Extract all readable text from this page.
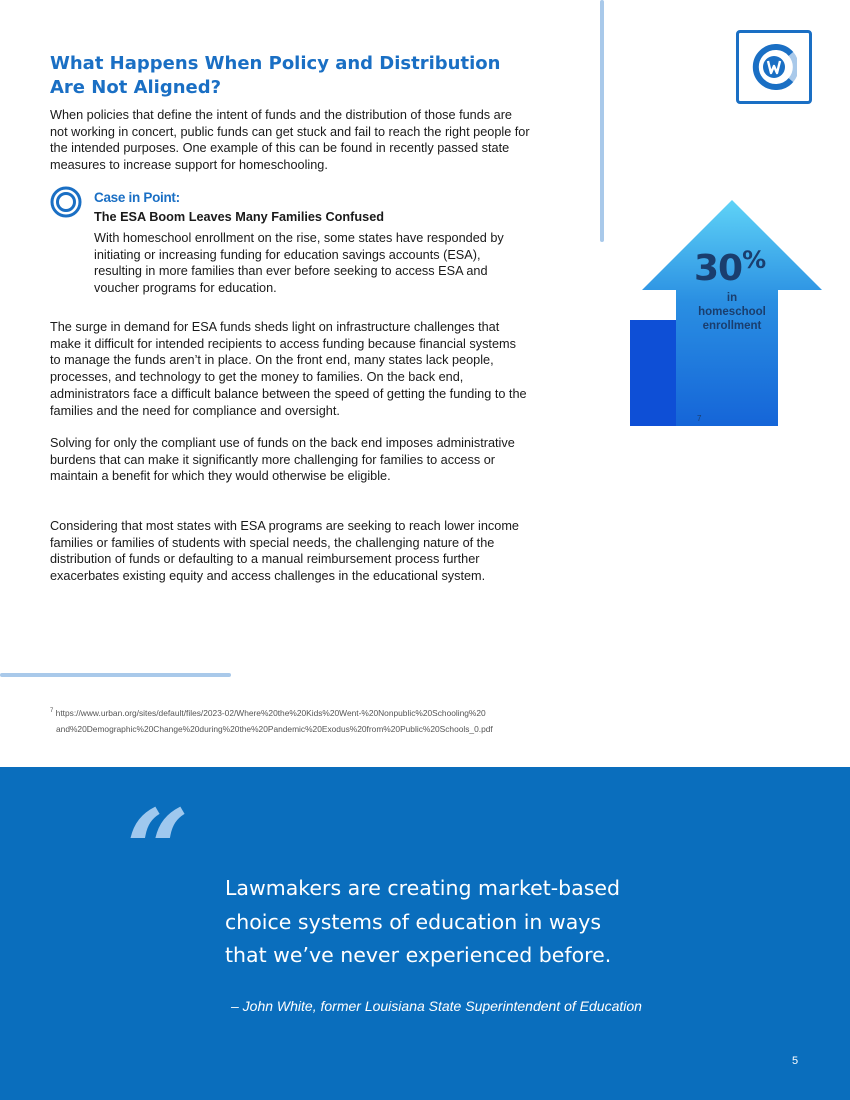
What Happens When Policy and Distribution Are Not Aligned?

When policies that define the intent of funds and the distribution of those funds are not working in concert, public funds can get stuck and fail to reach the right people for the intended purposes. One example of this can be found in recently passed state measures to increase support for homeschooling.

Case in Point:
The ESA Boom Leaves Many Families Confused

With homeschool enrollment on the rise, some states have responded by initiating or increasing funding for education savings accounts (ESA), resulting in more families than ever before seeking to access ESA and voucher programs for education.

The surge in demand for ESA funds sheds light on infrastructure challenges that make it difficult for intended recipients to access funding because financial systems to manage the funds aren’t in place. On the front end, many states lack people, processes, and technology to get the money to families. On the back end, administrators face a difficult balance between the speed of getting the funding to the families and the need for compliance and oversight.

Solving for only the compliant use of funds on the back end imposes administrative burdens that can make it significantly more challenging for families to access or maintain a benefit for which they would otherwise be eligible.

Considering that most states with ESA programs are seeking to reach lower income families or families of students with special needs, the challenging nature of the distribution of funds or defaulting to a manual reimbursement process further exacerbates existing equity and access challenges in the educational system.

30%
in homeschool enrollment
7
$^7$ https://www.urban.org/sites/default/files/2023-02/Where%20the%20Kids%20Went-%20Nonpublic%20Schooling%20
and%20Demographic%20Change%20during%20the%20Pandemic%20Exodus%20from%20Public%20Schools_0.pdf
“ Lawmakers are creating market-based choice systems of education in ways that we’ve never experienced before.

– John White, former Louisiana State Superintendent of Education
5
